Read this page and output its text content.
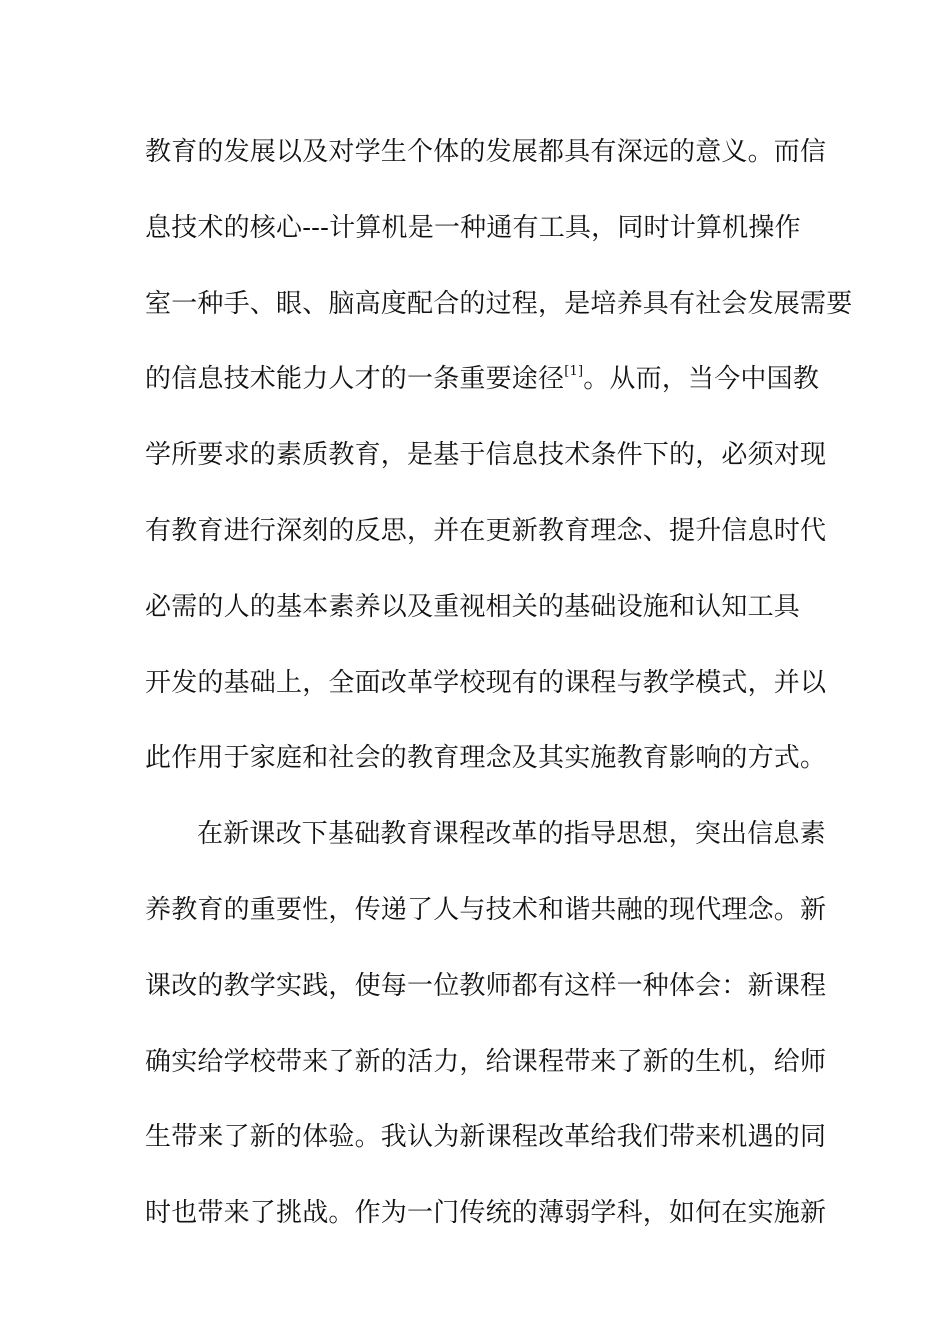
教育的发展以及对学生个体的发展都具有深远的意义。而信
息技术的核心---计算机是一种通有工具，同时计算机操作
室一种手、眼、脑高度配合的过程，是培养具有社会发展需要
的信息技术能力人才的一条重要途径[1]。从而，当今中国教
学所要求的素质教育，是基于信息技术条件下的，必须对现
有教育进行深刻的反思，并在更新教育理念、提升信息时代
必需的人的基本素养以及重视相关的基础设施和认知工具
开发的基础上，全面改革学校现有的课程与教学模式，并以
此作用于家庭和社会的教育理念及其实施教育影响的方式。
在新课改下基础教育课程改革的指导思想，突出信息素
养教育的重要性，传递了人与技术和谐共融的现代理念。新
课改的教学实践，使每一位教师都有这样一种体会：新课程
确实给学校带来了新的活力，给课程带来了新的生机，给师
生带来了新的体验。我认为新课程改革给我们带来机遇的同
时也带来了挑战。作为一门传统的薄弱学科，如何在实施新
